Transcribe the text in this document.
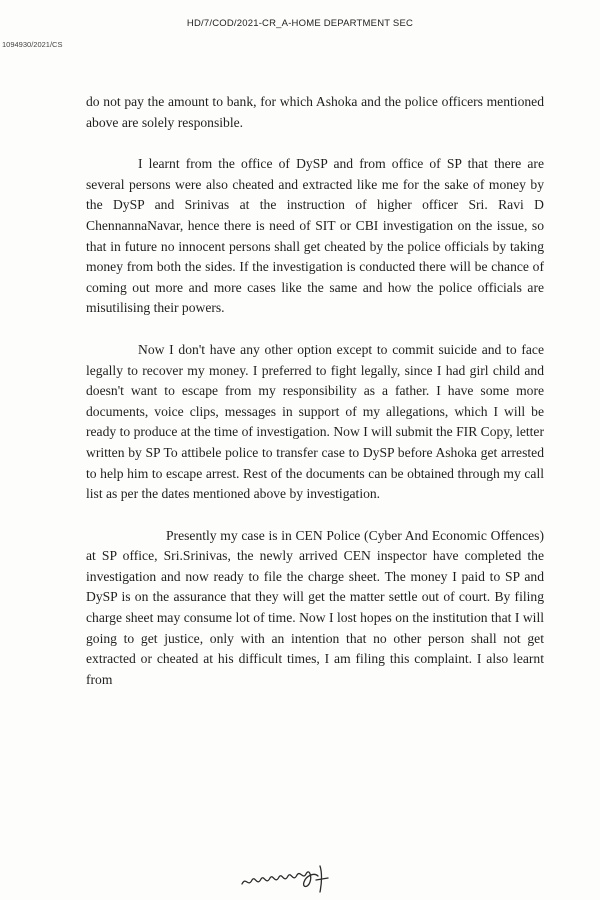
HD/7/COD/2021-CR_A-HOME DEPARTMENT SEC
1094930/2021/CS

do not pay the amount to bank, for which Ashoka and the police officers mentioned above are solely responsible.

I learnt from the office of DySP and from office of SP that there are several persons were also cheated and extracted like me for the sake of money by the DySP and Srinivas at the instruction of higher officer Sri. Ravi D ChennannaNavar, hence there is need of SIT or CBI investigation on the issue, so that in future no innocent persons shall get cheated by the police officials by taking money from both the sides. If the investigation is conducted there will be chance of coming out more and more cases like the same and how the police officials are misutilising their powers.

Now I don't have any other option except to commit suicide and to face legally to recover my money. I preferred to fight legally, since I had girl child and doesn't want to escape from my responsibility as a father. I have some more documents, voice clips, messages in support of my allegations, which I will be ready to produce at the time of investigation. Now I will submit the FIR Copy, letter written by SP To attibele police to transfer case to DySP before Ashoka get arrested to help him to escape arrest. Rest of the documents can be obtained through my call list as per the dates mentioned above by investigation.

Presently my case is in CEN Police (Cyber And Economic Offences) at SP office, Sri.Srinivas, the newly arrived CEN inspector have completed the investigation and now ready to file the charge sheet. The money I paid to SP and DySP is on the assurance that they will get the matter settle out of court. By filing charge sheet may consume lot of time. Now I lost hopes on the institution that I will going to get justice, only with an intention that no other person shall not get extracted or cheated at his difficult times, I am filing this complaint. I also learnt from
